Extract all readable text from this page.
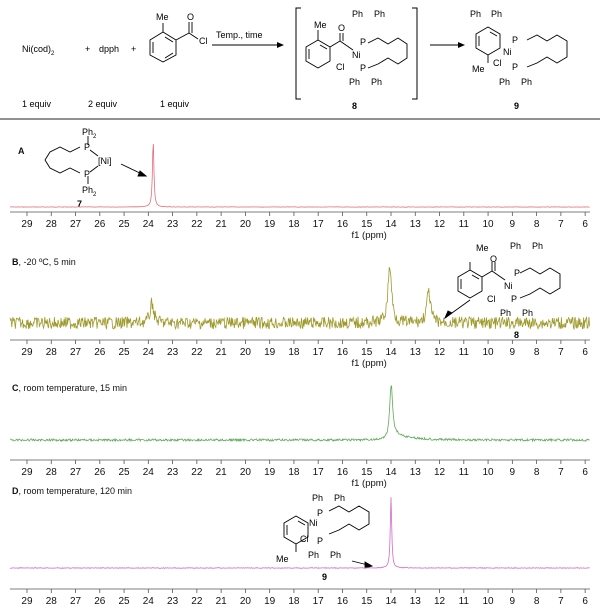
$Ni(cod)_2$	+ dpph +
Me O
Cl
Temp., time
Me O
Ph Ph
P
Ni
Cl P
Ph Ph
8
Ph Ph
P
Ni
Me
Cl P
Ph Ph
9
1 equiv	2 equiv	1 equiv
A
B, -20 ºC, 5 min
C, room temperature, 15 min
D, room temperature, 120 min
$Ph_2$
P
[Ni]
P
$Ph_2$
7
Me
O
Ph Ph
P
Ni
Cl P
Ph Ph
8
Ph Ph
P
Ni
Me
Cl P
Ph Ph
9
29 28 27 26 25 24 23 22 21 20 19 18 17 16 15 14 13 12 11 10 9 8 7 6
f1 (ppm)
29 28 27 26 25 24 23 22 21 20 19 18 17 16 15 14 13 12 11 10 9 8 7 6
f1 (ppm)
29 28 27 26 25 24 23 22 21 20 19 18 17 16 15 14 13 12 11 10 9 8 7 6
f1 (ppm)
29 28 27 26 25 24 23 22 21 20 19 18 17 16 15 14 13 12 11 10 9 8 7 6
